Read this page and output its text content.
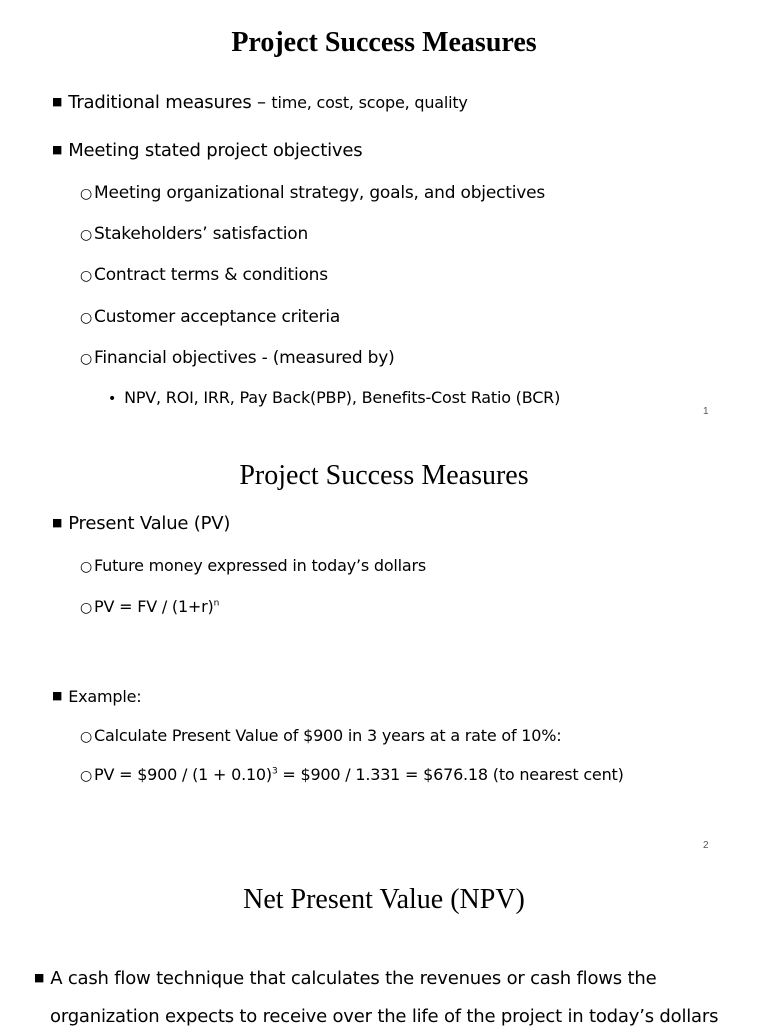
Project Success Measures
■ Traditional measures – time, cost, scope, quality
■ Meeting stated project objectives
○ Meeting organizational strategy, goals, and objectives
○ Stakeholders’ satisfaction
○ Contract terms & conditions
○ Customer acceptance criteria
○ Financial objectives - (measured by)
• NPV, ROI, IRR, Pay Back(PBP), Benefits-Cost Ratio (BCR)
1
Project Success Measures
■ Present Value (PV)
○ Future money expressed in today’s dollars
○ PV = FV / $(1+r)^n$
■ Example:
○ Calculate Present Value of $900 in 3 years at a rate of 10%:
○ PV = $900 / $(1 + 0.10)^3$ = $900 / 1.331 = $676.18 (to nearest cent)
2
Net Present Value (NPV)
■ A cash flow technique that calculates the revenues or cash flows the
organization expects to receive over the life of the project in today’s dollars
